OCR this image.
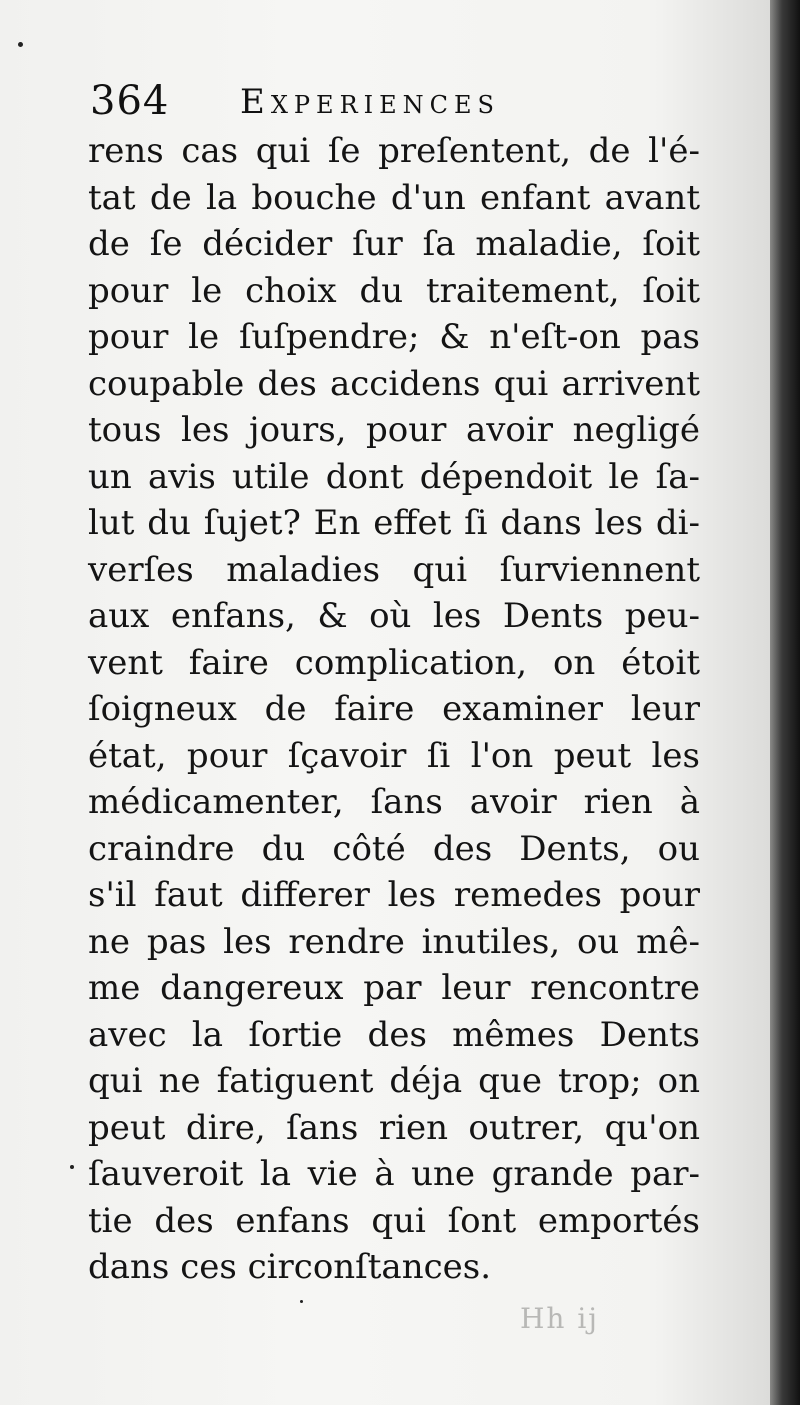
364 Experiences
rens cas qui ſe preſentent, de l'é-
tat de la bouche d'un enfant avant
de ſe décider ſur ſa maladie, ſoit
pour le choix du traitement, ſoit
pour le ſuſpendre; & n'eſt-on pas
coupable des accidens qui arrivent
tous les jours, pour avoir negligé
un avis utile dont dépendoit le ſa-
lut du ſujet? En effet ſi dans les di-
verſes maladies qui ſurviennent
aux enfans, & où les Dents peu-
vent faire complication, on étoit
ſoigneux de faire examiner leur
état, pour ſçavoir ſi l'on peut les
médicamenter, ſans avoir rien à
craindre du côté des Dents, ou
s'il faut differer les remedes pour
ne pas les rendre inutiles, ou mê-
me dangereux par leur rencontre
avec la ſortie des mêmes Dents
qui ne fatiguent déja que trop; on
peut dire, ſans rien outrer, qu'on
ſauveroit la vie à une grande par-
tie des enfans qui ſont emportés
dans ces circonſtances.
Hh ij
